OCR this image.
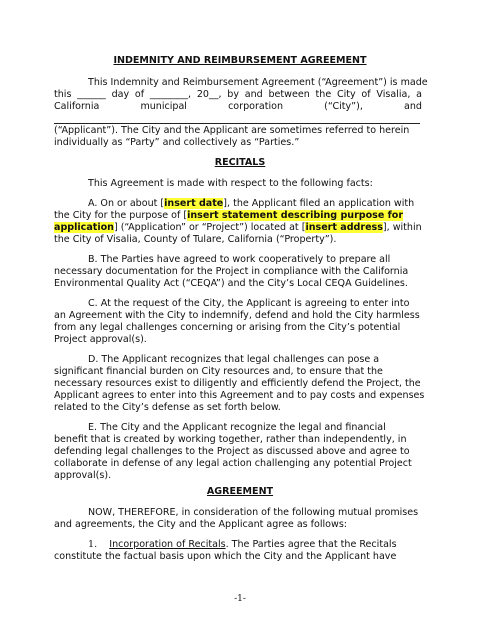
INDEMNITY AND REIMBURSEMENT AGREEMENT
This Indemnity and Reimbursement Agreement (“Agreement”) is made
this ______ day of ________, 20__, by and between the City of Visalia, a
California	municipal	corporation	(“City”),	and
(“Applicant”). The City and the Applicant are sometimes referred to herein
individually as “Party” and collectively as “Parties.”
RECITALS
This Agreement is made with respect to the following facts:
A. On or about [insert date], the Applicant filed an application with
the City for the purpose of [insert statement describing purpose for
application] (“Application” or “Project”) located at [insert address], within
the City of Visalia, County of Tulare, California (“Property”).
B. The Parties have agreed to work cooperatively to prepare all
necessary documentation for the Project in compliance with the California
Environmental Quality Act (“CEQA”) and the City’s Local CEQA Guidelines.
C. At the request of the City, the Applicant is agreeing to enter into
an Agreement with the City to indemnify, defend and hold the City harmless
from any legal challenges concerning or arising from the City’s potential
Project approval(s).
D. The Applicant recognizes that legal challenges can pose a
significant financial burden on City resources and, to ensure that the
necessary resources exist to diligently and efficiently defend the Project, the
Applicant agrees to enter into this Agreement and to pay costs and expenses
related to the City’s defense as set forth below.
E. The City and the Applicant recognize the legal and financial
benefit that is created by working together, rather than independently, in
defending legal challenges to the Project as discussed above and agree to
collaborate in defense of any legal action challenging any potential Project
approval(s).
AGREEMENT
NOW, THEREFORE, in consideration of the following mutual promises
and agreements, the City and the Applicant agree as follows:
1. Incorporation of Recitals. The Parties agree that the Recitals
constitute the factual basis upon which the City and the Applicant have
-1-
